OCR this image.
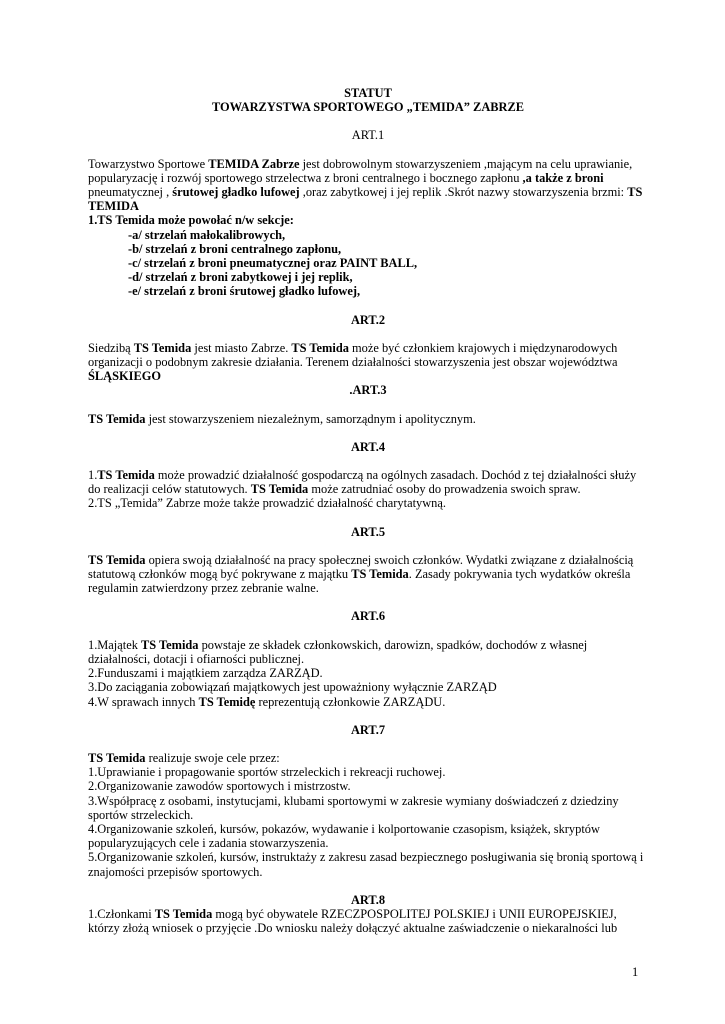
STATUT

TOWARZYSTWA SPORTOWEGO „TEMIDA” ZABRZE

ART.1

Towarzystwo Sportowe TEMIDA Zabrze jest dobrowolnym stowarzyszeniem ,mającym na celu uprawianie, popularyzację i rozwój sportowego strzelectwa z broni centralnego i bocznego zapłonu ,a także z broni pneumatycznej , śrutowej gładko lufowej ,oraz zabytkowej i jej replik .Skrót nazwy stowarzyszenia brzmi: TS TEMIDA

1.TS Temida może powołać n/w sekcje:

-a/ strzelań małokalibrowych,

-b/ strzelań z broni centralnego zapłonu,

-c/ strzelań z broni pneumatycznej oraz PAINT BALL,

-d/ strzelań z broni zabytkowej i jej replik,

-e/ strzelań z broni śrutowej gładko lufowej,

ART.2

Siedzibą TS Temida jest miasto Zabrze. TS Temida może być członkiem krajowych i międzynarodowych organizacji o podobnym zakresie działania. Terenem działalności stowarzyszenia jest obszar województwa ŚLĄSKIEGO

.ART.3

TS Temida jest stowarzyszeniem niezależnym, samorządnym i apolitycznym.

ART.4

1.TS Temida może prowadzić działalność gospodarczą na ogólnych zasadach. Dochód z tej działalności służy do realizacji celów statutowych. TS Temida może zatrudniać osoby do prowadzenia swoich spraw.

2.TS „Temida” Zabrze może także prowadzić działalność charytatywną.

ART.5

TS Temida opiera swoją działalność na pracy społecznej swoich członków. Wydatki związane z działalnością statutową członków mogą być pokrywane z majątku TS Temida. Zasady pokrywania tych wydatków określa regulamin zatwierdzony przez zebranie walne.

ART.6

1.Majątek TS Temida powstaje ze składek członkowskich, darowizn, spadków, dochodów z własnej działalności, dotacji i ofiarności publicznej.

2.Funduszami i majątkiem zarządza ZARZĄD.

3.Do zaciągania zobowiązań majątkowych jest upoważniony wyłącznie ZARZĄD

4.W sprawach innych TS Temidę reprezentują członkowie ZARZĄDU.

ART.7

TS Temida realizuje swoje cele przez:

1.Uprawianie i propagowanie sportów strzeleckich i rekreacji ruchowej.

2.Organizowanie zawodów sportowych i mistrzostw.

3.Współpracę z osobami, instytucjami, klubami sportowymi w zakresie wymiany doświadczeń z dziedziny sportów strzeleckich.

4.Organizowanie szkoleń, kursów, pokazów, wydawanie i kolportowanie czasopism, książek, skryptów popularyzujących cele i zadania stowarzyszenia.

5.Organizowanie szkoleń, kursów, instruktaży z zakresu zasad bezpiecznego posługiwania się bronią sportową i znajomości przepisów sportowych.

ART.8

1.Członkami TS Temida mogą być obywatele RZECZPOSPOLITEJ POLSKIEJ i UNII EUROPEJSKIEJ, którzy złożą wniosek o przyjęcie .Do wniosku należy dołączyć aktualne zaświadczenie o niekaralności lub

1
